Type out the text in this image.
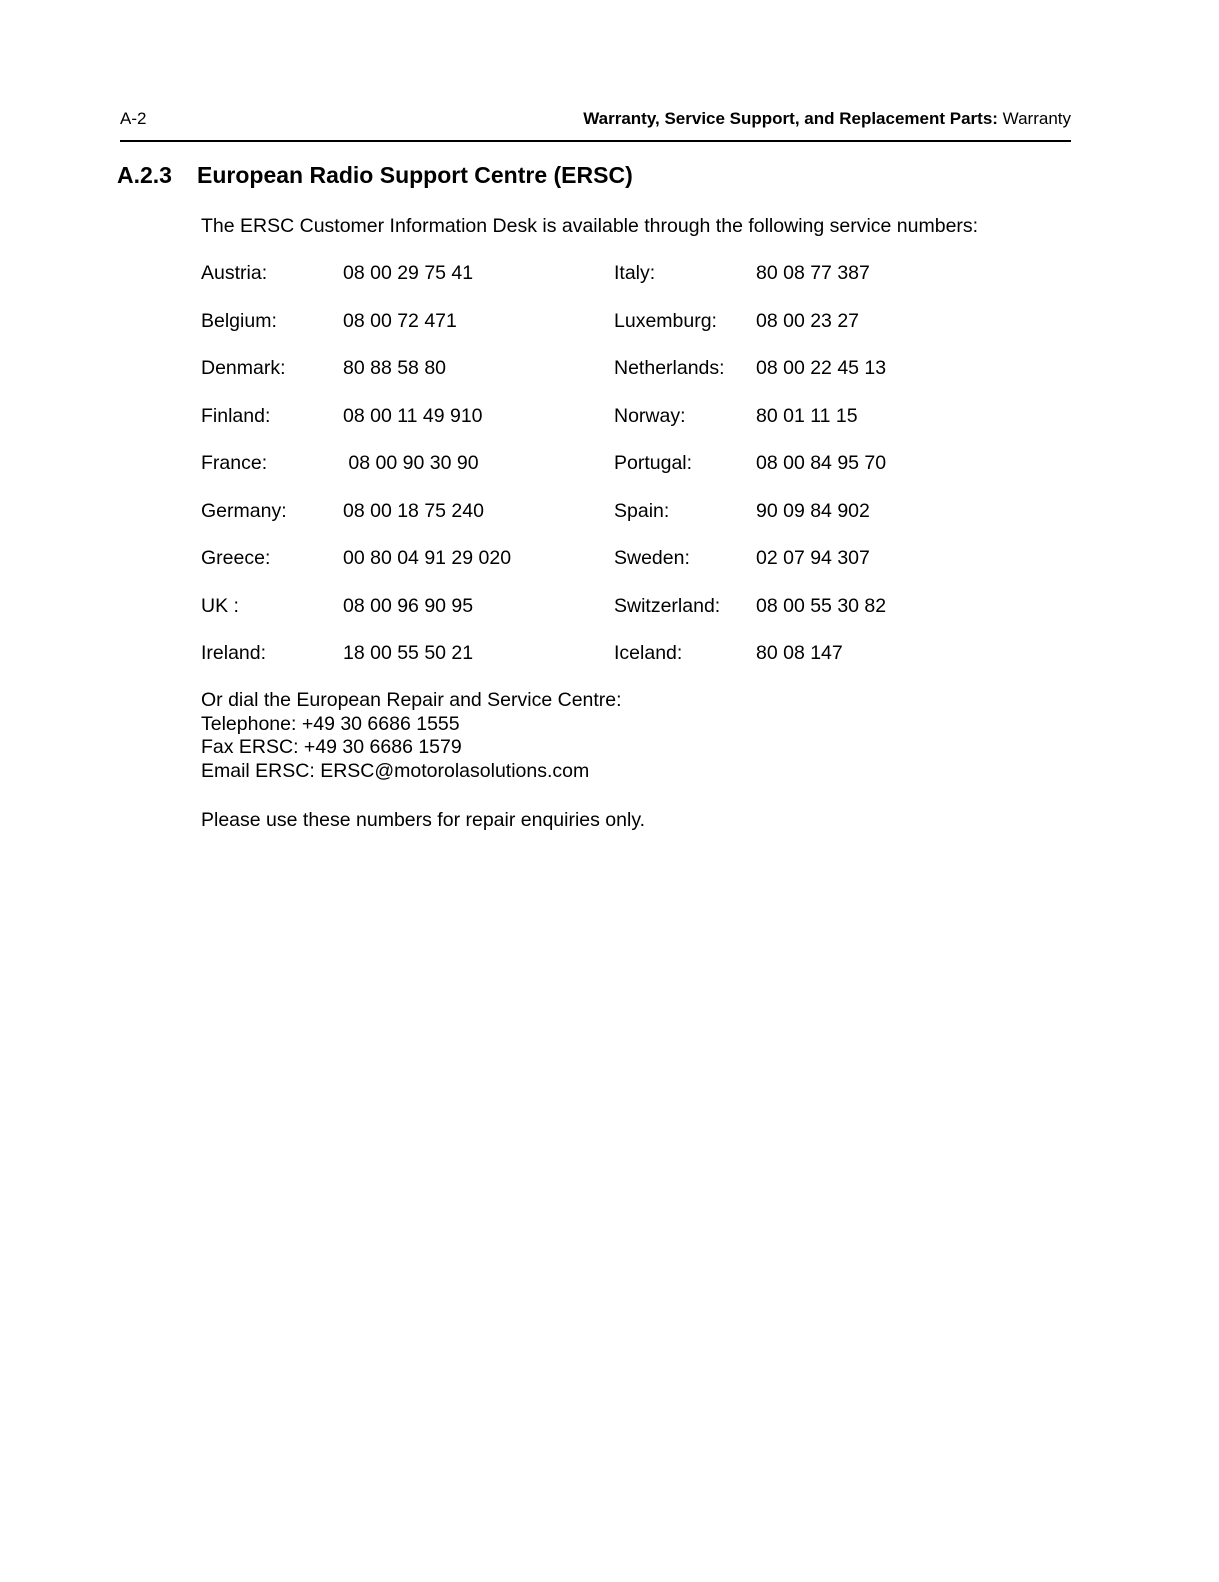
A-2	Warranty, Service Support, and Replacement Parts: Warranty
A.2.3 European Radio Support Centre (ERSC)
The ERSC Customer Information Desk is available through the following service numbers:
Austria:	08 00 29 75 41	Italy:	80 08 77 387
Belgium:	08 00 72 471	Luxemburg: 08 00 23 27
Denmark:	80 88 58 80	Netherlands: 08 00 22 45 13
Finland:	08 00 11 49 910	Norway:	80 01 11 15
France:	08 00 90 30 90	Portugal:	08 00 84 95 70
Germany:	08 00 18 75 240	Spain:	90 09 84 902
Greece:	00 80 04 91 29 020	Sweden:	02 07 94 307
UK :	08 00 96 90 95	Switzerland: 08 00 55 30 82
Ireland:	18 00 55 50 21	Iceland:	80 08 147
Or dial the European Repair and Service Centre:
Telephone: +49 30 6686 1555
Fax ERSC: +49 30 6686 1579
Email ERSC: ERSC@motorolasolutions.com
Please use these numbers for repair enquiries only.
